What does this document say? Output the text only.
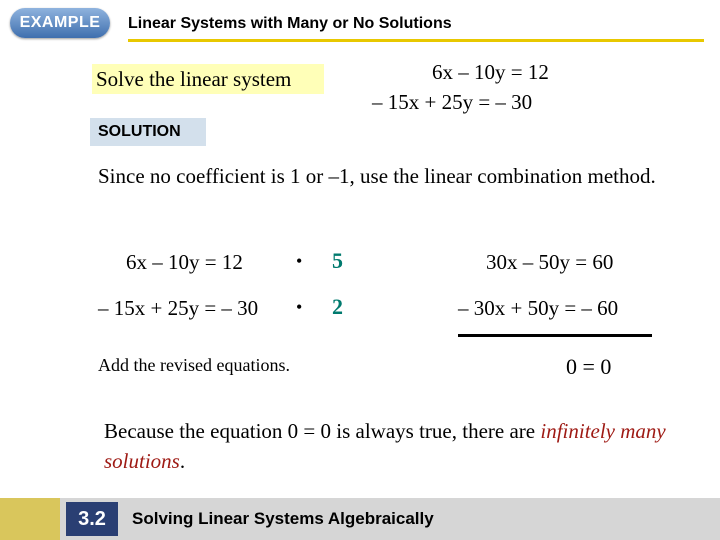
EXAMPLE	Linear Systems with Many or No Solutions
Solve the linear system	6x – 10y = 12
– 15x + 25y = – 30
SOLUTION
Since no coefficient is 1 or –1, use the linear combination method.
6x – 10y = 12	• 5	30x – 50y = 60
– 15x + 25y = – 30 • 2	– 30x + 50y = – 60
Add the revised equations.	0 = 0
Because the equation 0 = 0 is always true, there are infinitely many solutions.
3.2	Solving Linear Systems Algebraically
